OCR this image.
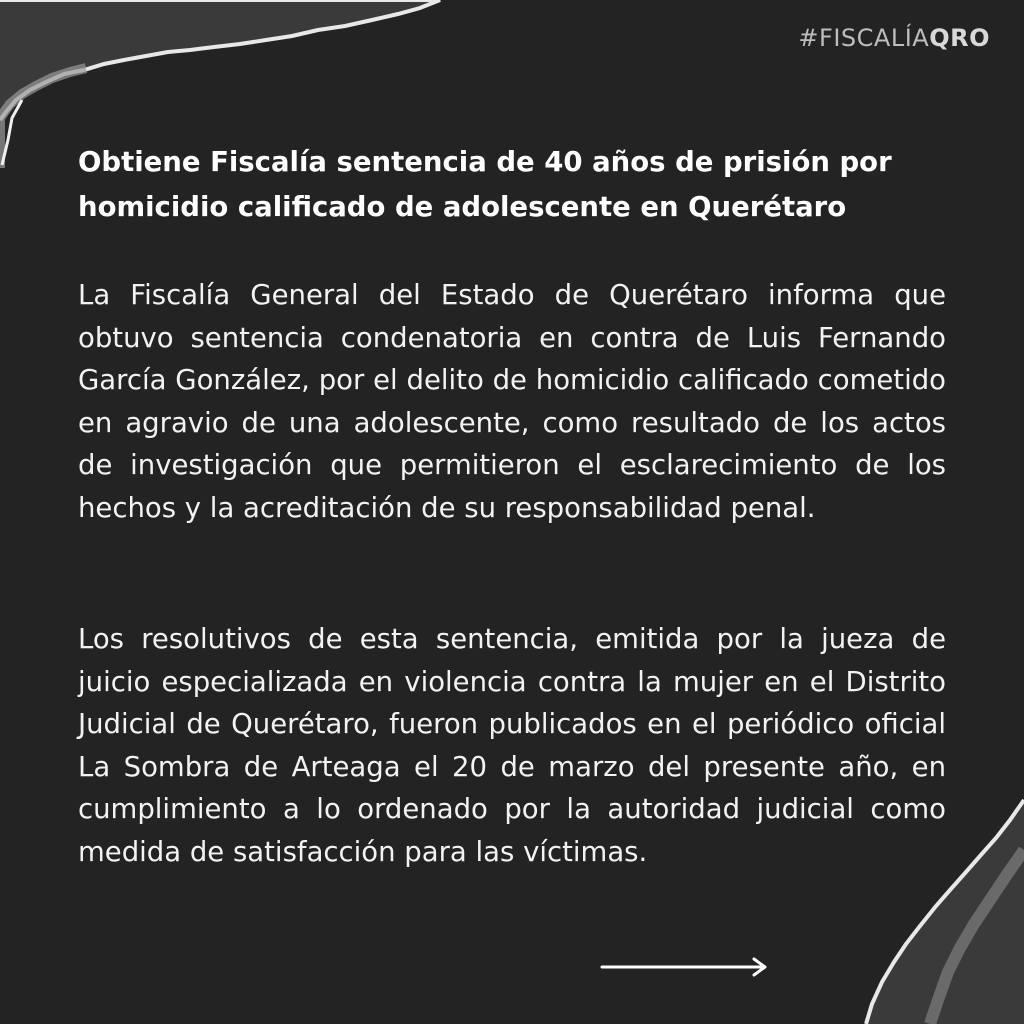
#FISCALÍAQRO
Obtiene Fiscalía sentencia de 40 años de prisión por homicidio calificado de adolescente en Querétaro

La Fiscalía General del Estado de Querétaro informa que obtuvo sentencia condenatoria en contra de Luis Fernando García González, por el delito de homicidio calificado cometido en agravio de una adolescente, como resultado de los actos de investigación que permitieron el esclarecimiento de los hechos y la acreditación de su responsabilidad penal.

Los resolutivos de esta sentencia, emitida por la jueza de juicio especializada en violencia contra la mujer en el Distrito Judicial de Querétaro, fueron publicados en el periódico oficial La Sombra de Arteaga el 20 de marzo del presente año, en cumplimiento a lo ordenado por la autoridad judicial como medida de satisfacción para las víctimas.
